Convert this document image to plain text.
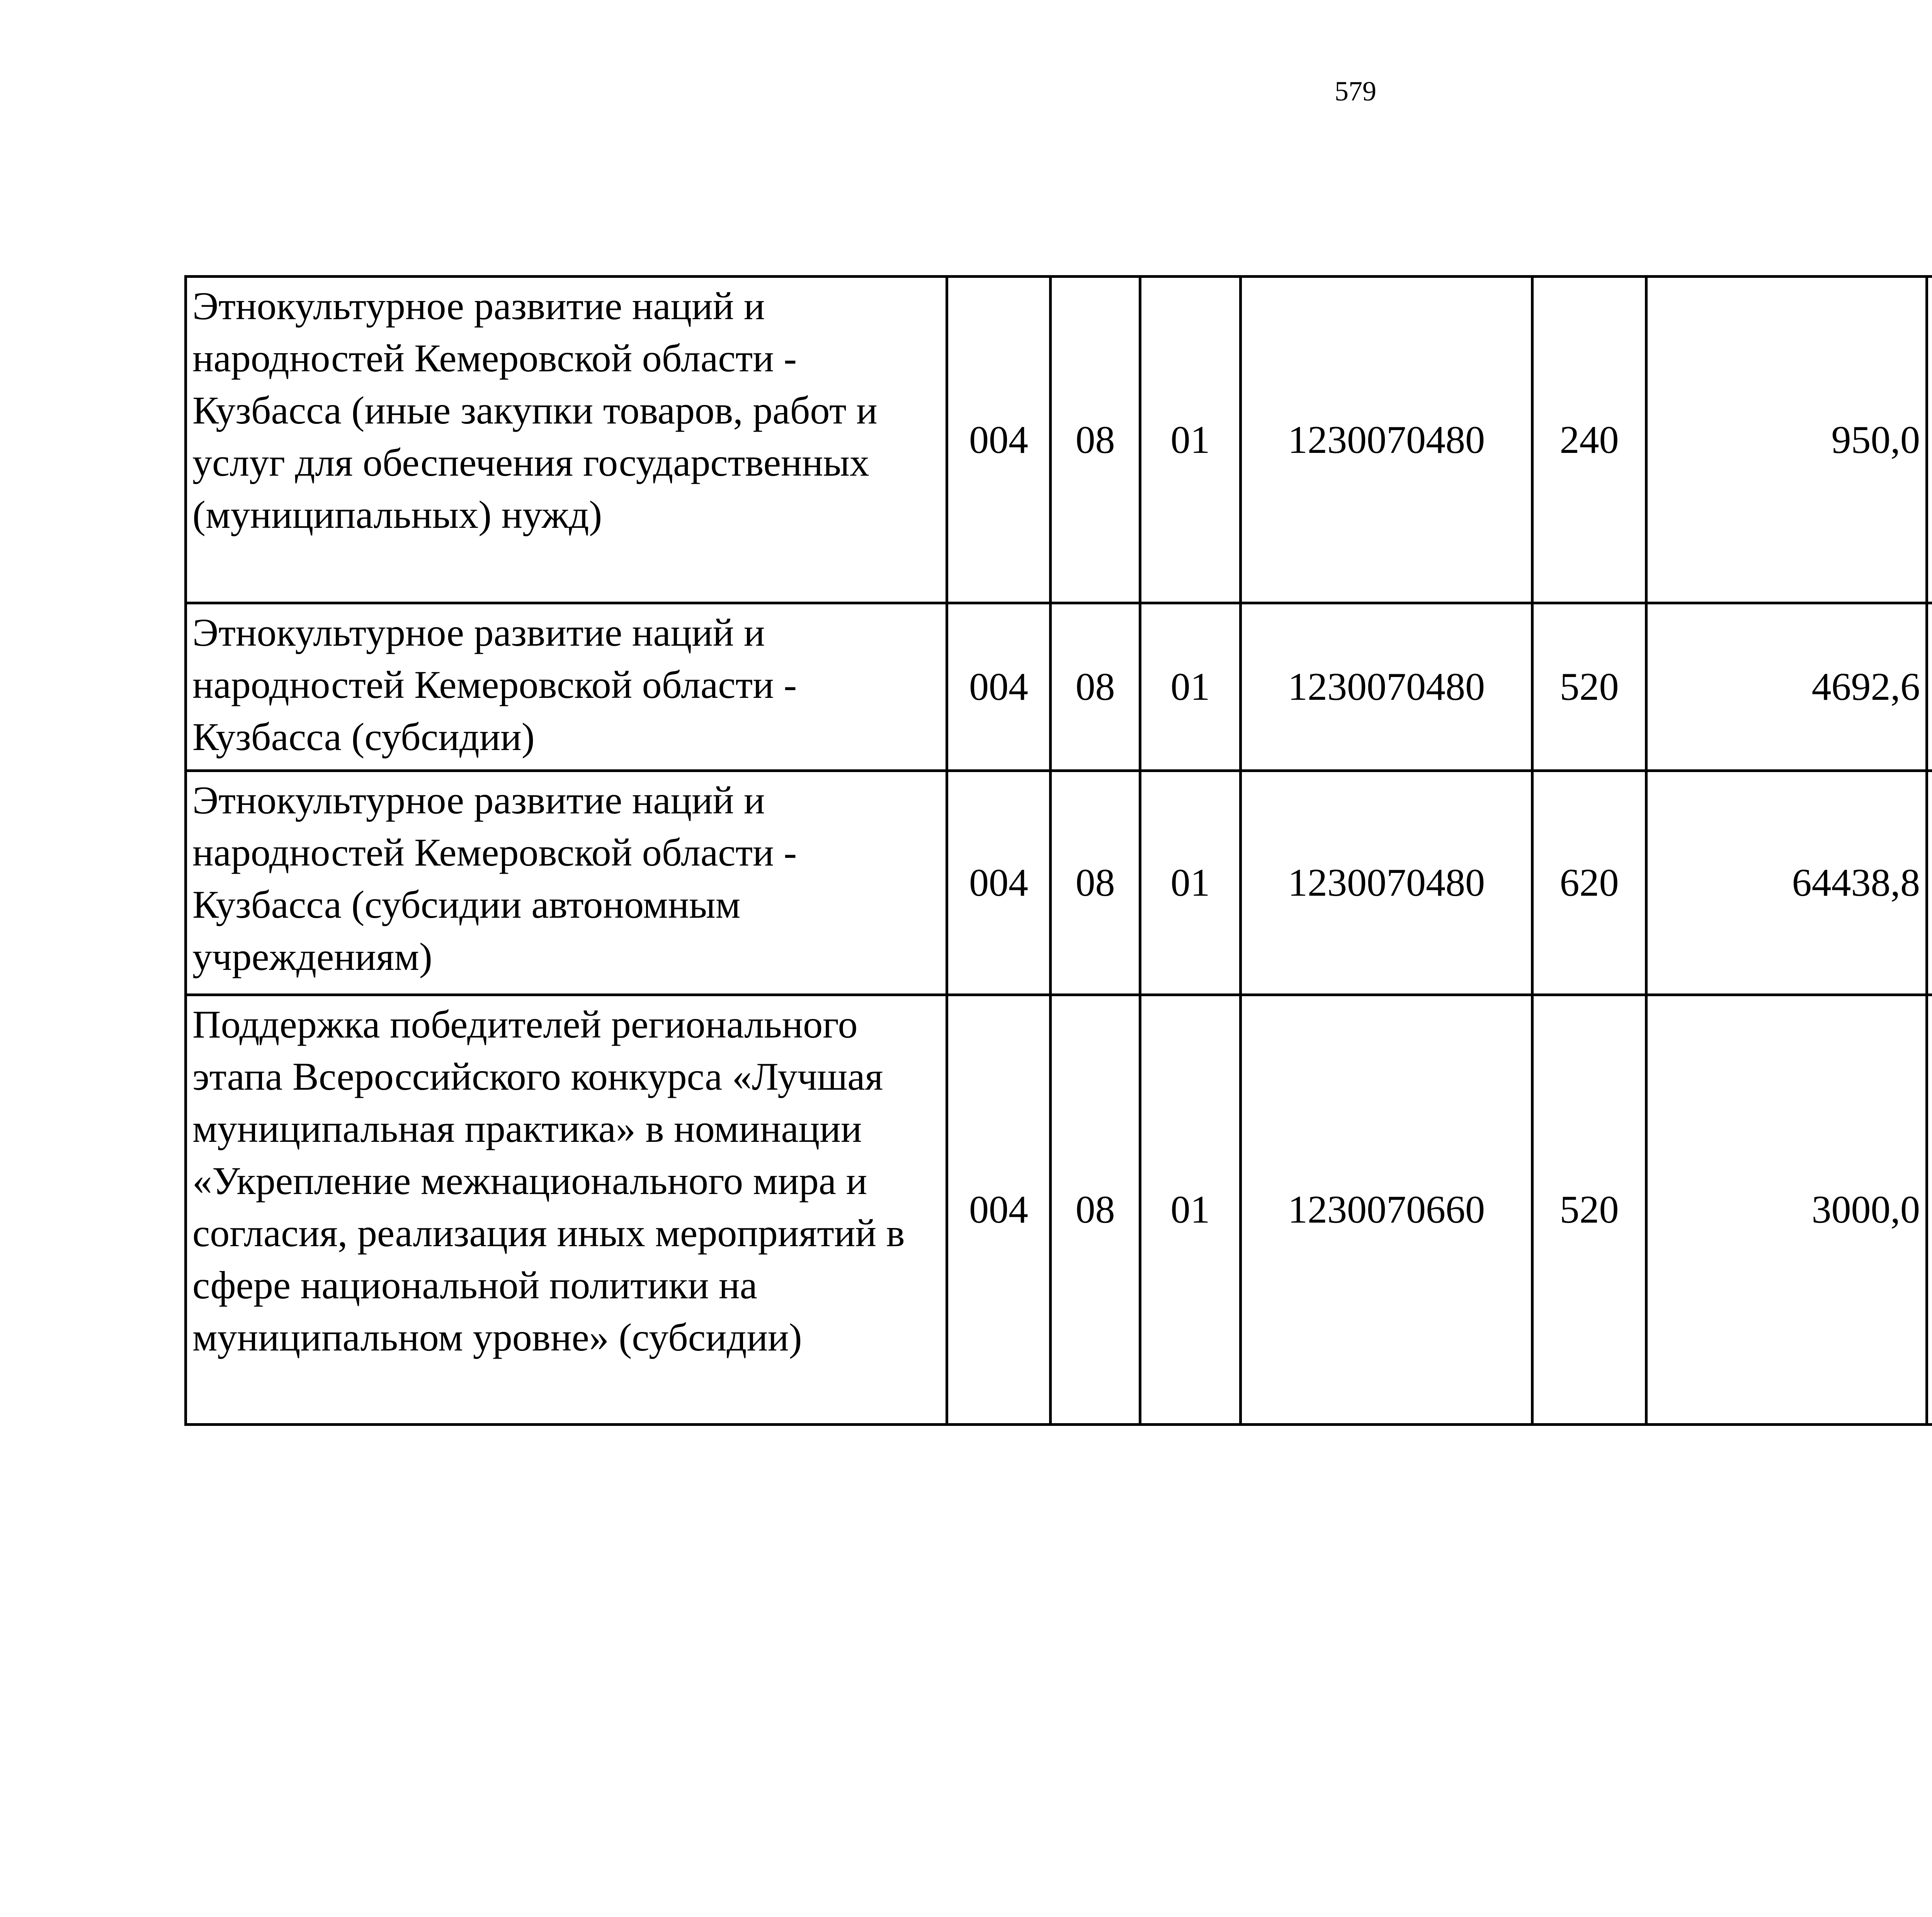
579
Этнокультурное развитие наций и народностей Кемеровской области - Кузбасса (иные закупки товаров, работ и услуг для обеспечения государственных (муниципальных) нужд)	004	08	01	1230070480	240	950,0		
Этнокультурное развитие наций и народностей Кемеровской области - Кузбасса (субсидии)	004	08	01	1230070480	520	4692,6		
Этнокультурное развитие наций и народностей Кемеровской области - Кузбасса (субсидии автономным учреждениям)	004	08	01	1230070480	620	64438,8		
Поддержка победителей регионального этапа Всероссийского конкурса «Лучшая муниципальная практика» в номинации «Укрепление межнационального мира и согласия, реализация иных мероприятий в сфере национальной политики на муниципальном уровне» (субсидии)	004	08	01	1230070660	520	3000,0		
